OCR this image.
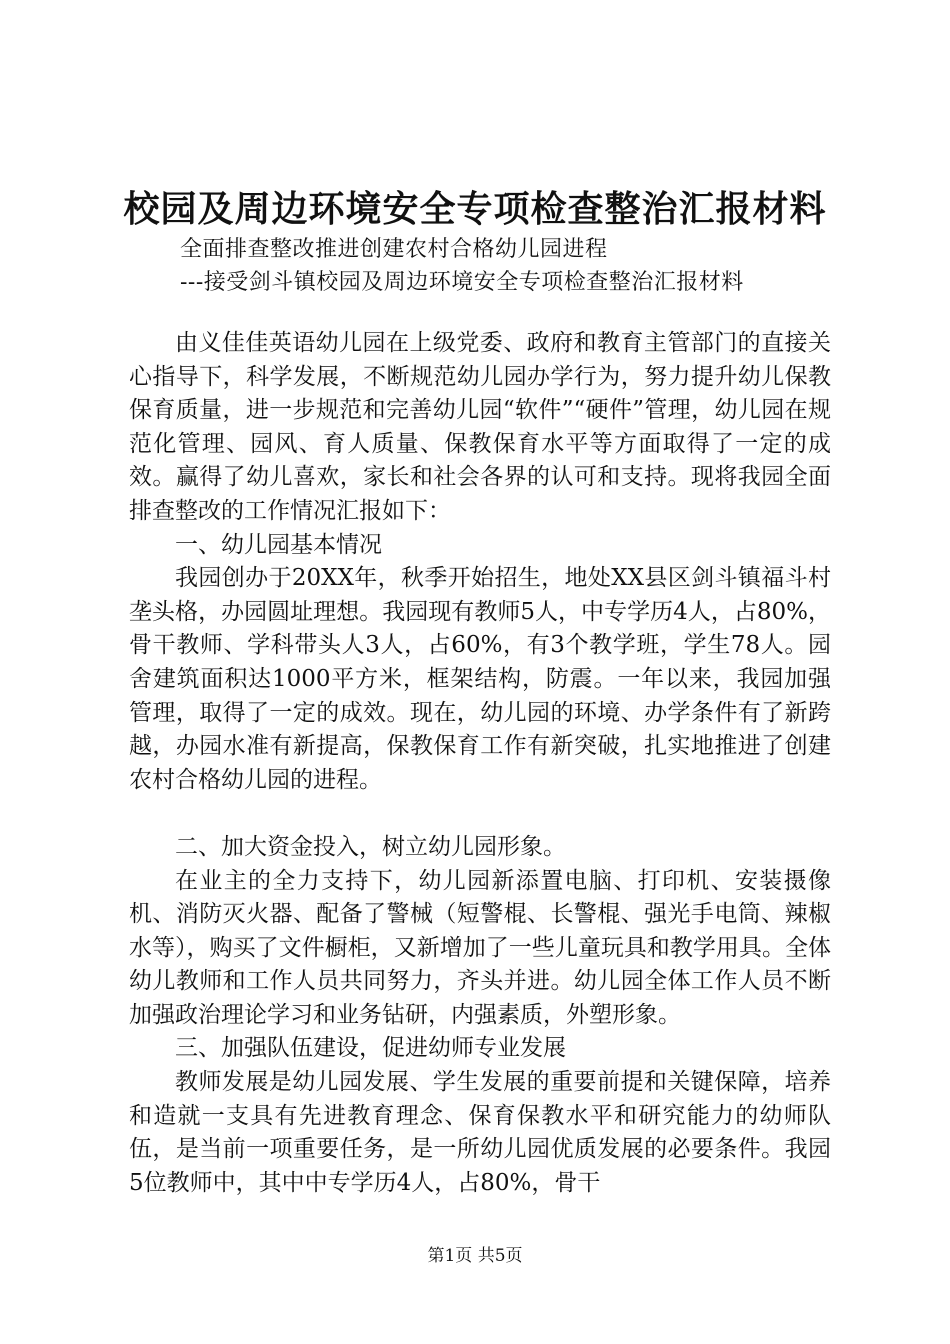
校园及周边环境安全专项检查整治汇报材料

全面排查整改推进创建农村合格幼儿园进程

---接受剑斗镇校园及周边环境安全专项检查整治汇报材料

由义佳佳英语幼儿园在上级党委、政府和教育主管部门的直接关心指导下，科学发展，不断规范幼儿园办学行为，努力提升幼儿保教保育质量，进一步规范和完善幼儿园“软件”“硬件”管理，幼儿园在规范化管理、园风、育人质量、保教保育水平等方面取得了一定的成效。赢得了幼儿喜欢，家长和社会各界的认可和支持。现将我园全面排查整改的工作情况汇报如下：

一、幼儿园基本情况

我园创办于20XX年，秋季开始招生，地处XX县区剑斗镇福斗村垄头格，办园圆址理想。我园现有教师5人，中专学历4人，占80%，骨干教师、学科带头人3人，占60%，有3个教学班，学生78人。园舍建筑面积达1000平方米，框架结构，防震。一年以来，我园加强管理，取得了一定的成效。现在，幼儿园的环境、办学条件有了新跨越，办园水准有新提高，保教保育工作有新突破，扎实地推进了创建农村合格幼儿园的进程。

二、加大资金投入，树立幼儿园形象。

在业主的全力支持下，幼儿园新添置电脑、打印机、安装摄像机、消防灭火器、配备了警械（短警棍、长警棍、强光手电筒、辣椒水等），购买了文件橱柜，又新增加了一些儿童玩具和教学用具。全体幼儿教师和工作人员共同努力，齐头并进。幼儿园全体工作人员不断加强政治理论学习和业务钻研，内强素质，外塑形象。

三、加强队伍建设，促进幼师专业发展

教师发展是幼儿园发展、学生发展的重要前提和关键保障，培养和造就一支具有先进教育理念、保育保教水平和研究能力的幼师队伍，是当前一项重要任务，是一所幼儿园优质发展的必要条件。我园5位教师中，其中中专学历4人，占80%，骨干

第1页 共5页
